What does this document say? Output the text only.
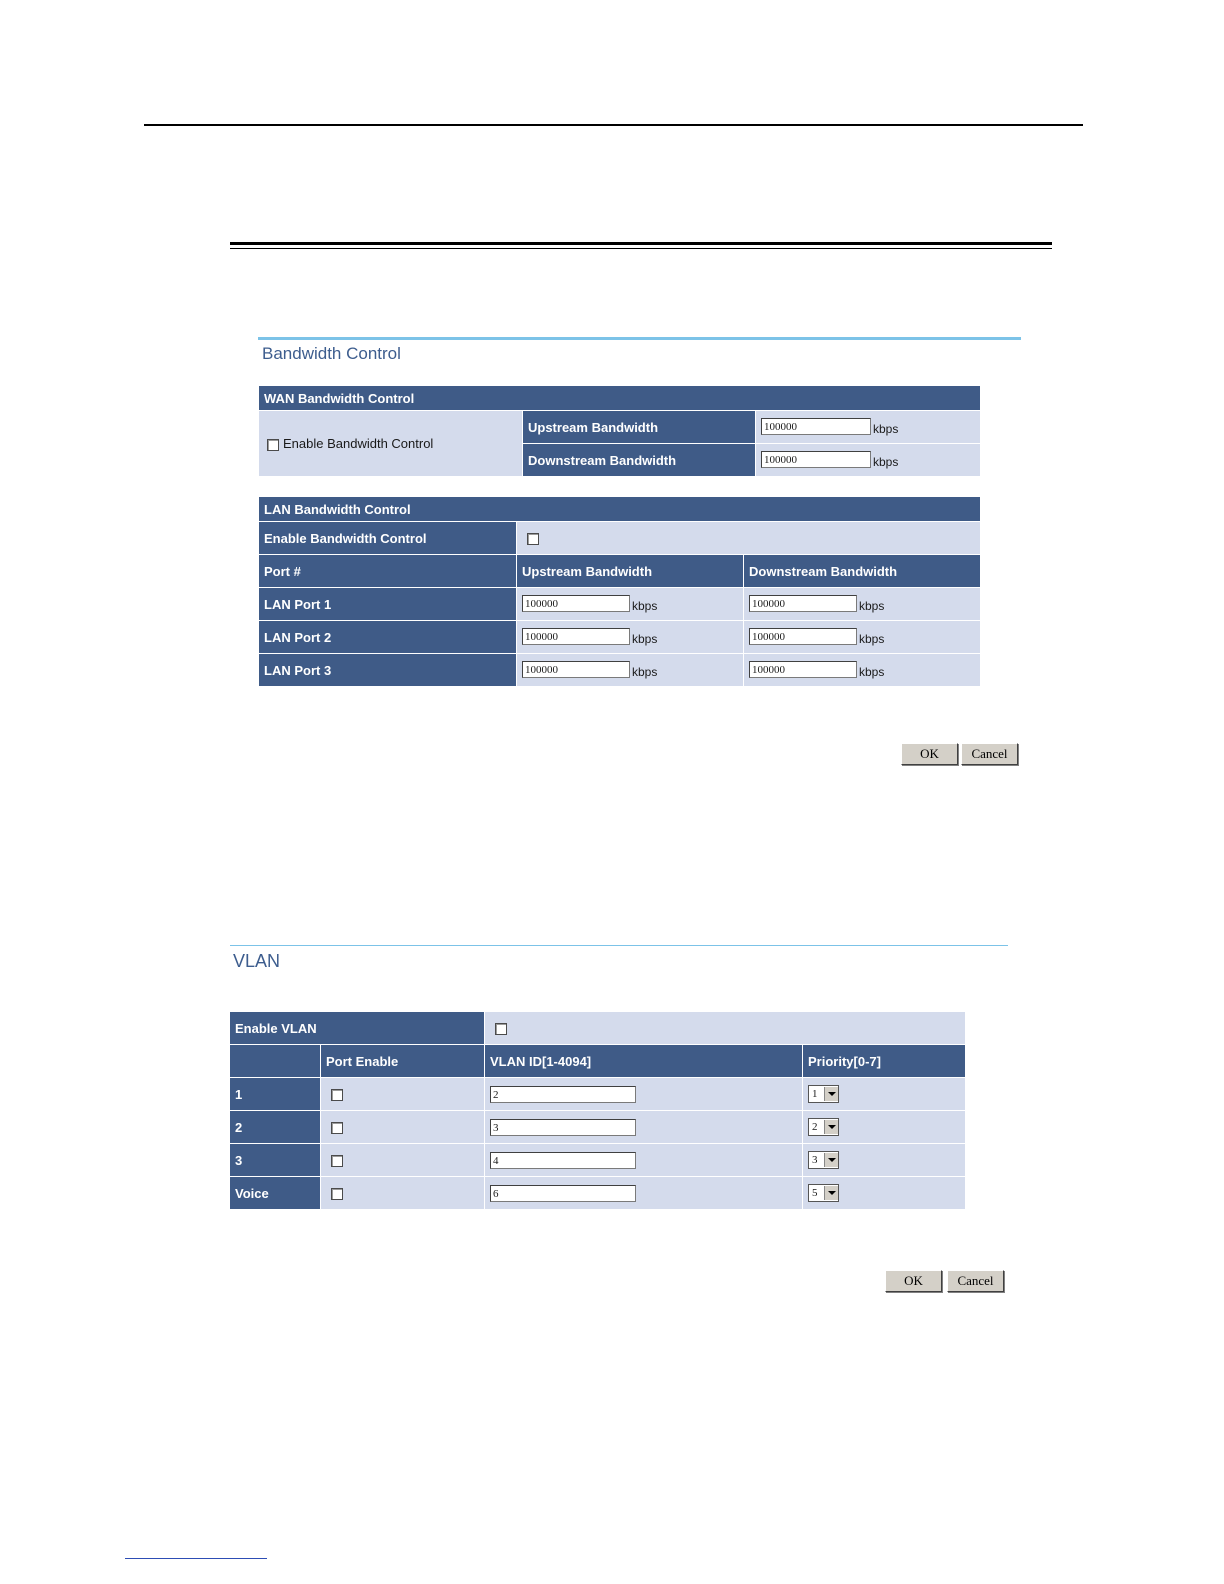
Bandwidth Control
WAN Bandwidth Control		
Enable Bandwidth Control	Upstream Bandwidth	100000 kbps
	Downstream Bandwidth	100000 kbps
LAN Bandwidth Control		
Enable Bandwidth Control		
Port #	Upstream Bandwidth	Downstream Bandwidth
LAN Port 1	100000 kbps	100000 kbps
LAN Port 2	100000 kbps	100000 kbps
LAN Port 3	100000 kbps	100000 kbps
OK	Cancel
VLAN
Enable VLAN			
	Port Enable	VLAN ID[1-4094]	Priority[0-7]
1		2	1

2		3	2

3		4	3

Voice		6	5
OK	Cancel
